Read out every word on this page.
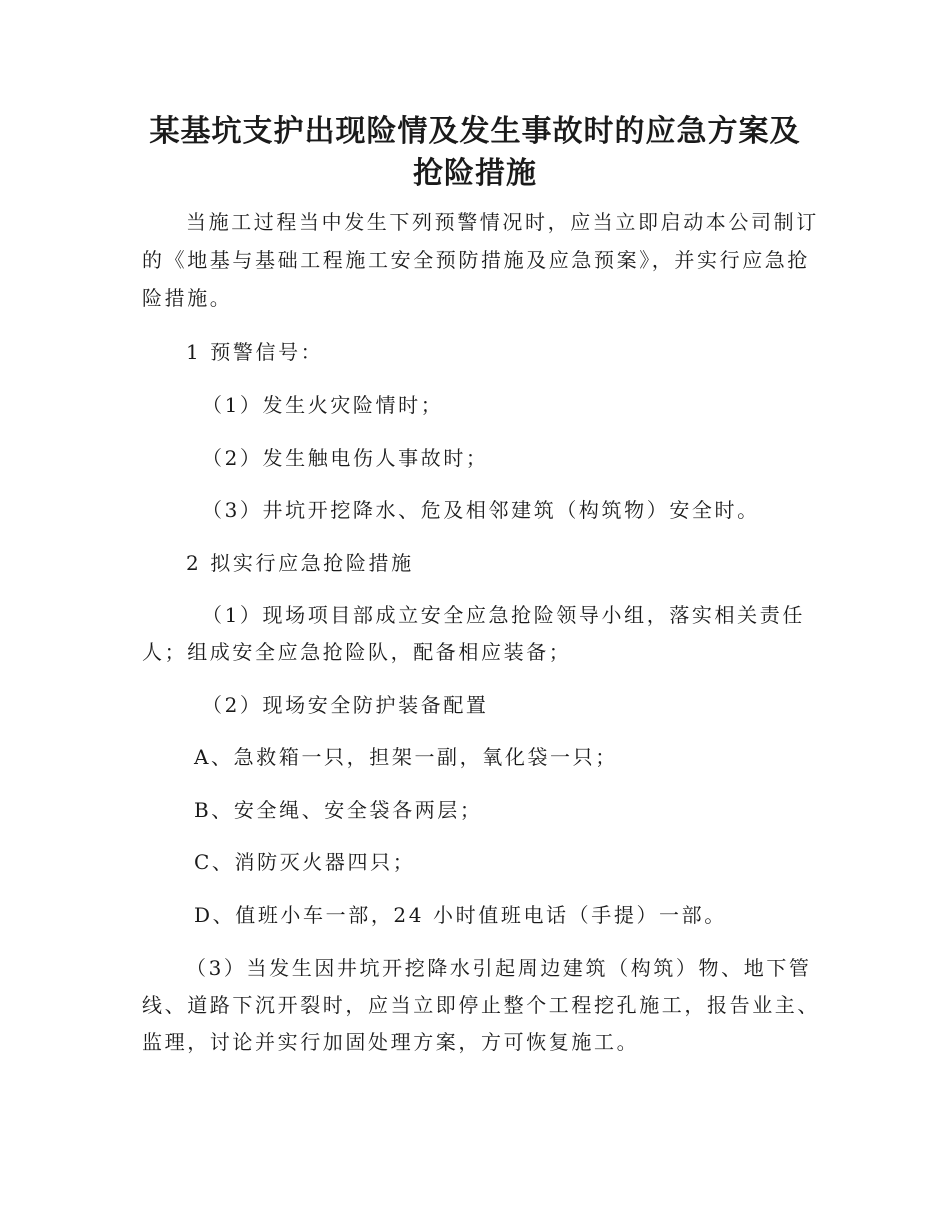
某基坑支护出现险情及发生事故时的应急方案及
抢险措施
当施工过程当中发生下列预警情况时，应当立即启动本公司制订
的《地基与基础工程施工安全预防措施及应急预案》，并实行应急抢
险措施。
1 预警信号：
（1）发生火灾险情时；
（2）发生触电伤人事故时；
（3）井坑开挖降水、危及相邻建筑（构筑物）安全时。
2 拟实行应急抢险措施
（1）现场项目部成立安全应急抢险领导小组，落实相关责任
人；组成安全应急抢险队，配备相应装备；
（2）现场安全防护装备配置
A、急救箱一只，担架一副，氧化袋一只；
B、安全绳、安全袋各两层；
C、消防灭火器四只；
D、值班小车一部，24 小时值班电话（手提）一部。
（3）当发生因井坑开挖降水引起周边建筑（构筑）物、地下管
线、道路下沉开裂时，应当立即停止整个工程挖孔施工，报告业主、
监理，讨论并实行加固处理方案，方可恢复施工。
